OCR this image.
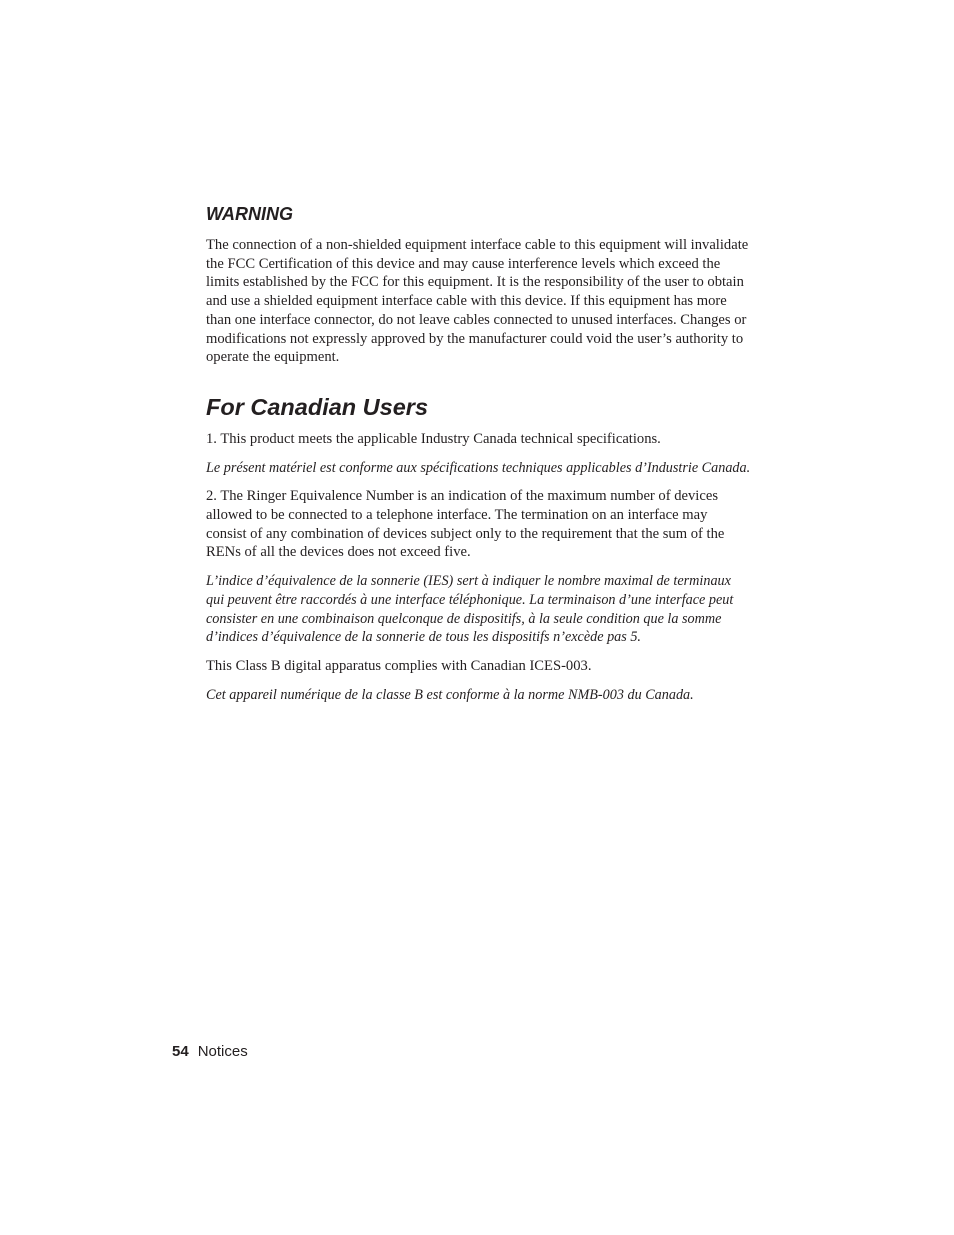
WARNING

The connection of a non-shielded equipment interface cable to this equipment will invalidate the FCC Certification of this device and may cause interference levels which exceed the limits established by the FCC for this equipment. It is the responsibility of the user to obtain and use a shielded equipment interface cable with this device. If this equipment has more than one interface connector, do not leave cables connected to unused interfaces. Changes or modifications not expressly approved by the manufacturer could void the user’s authority to operate the equipment.

For Canadian Users

1. This product meets the applicable Industry Canada technical specifications.

Le présent matériel est conforme aux spécifications techniques applicables d’Industrie Canada.

2. The Ringer Equivalence Number is an indication of the maximum number of devices allowed to be connected to a telephone interface. The termination on an interface may consist of any combination of devices subject only to the requirement that the sum of the RENs of all the devices does not exceed five.

L’indice d’équivalence de la sonnerie (IES) sert à indiquer le nombre maximal de terminaux qui peuvent être raccordés à une interface téléphonique. La terminaison d’une interface peut consister en une combinaison quelconque de dispositifs, à la seule condition que la somme d’indices d’équivalence de la sonnerie de tous les dispositifs n’excède pas 5.

This Class B digital apparatus complies with Canadian ICES-003.

Cet appareil numérique de la classe B est conforme à la norme NMB-003 du Canada.

54 Notices
